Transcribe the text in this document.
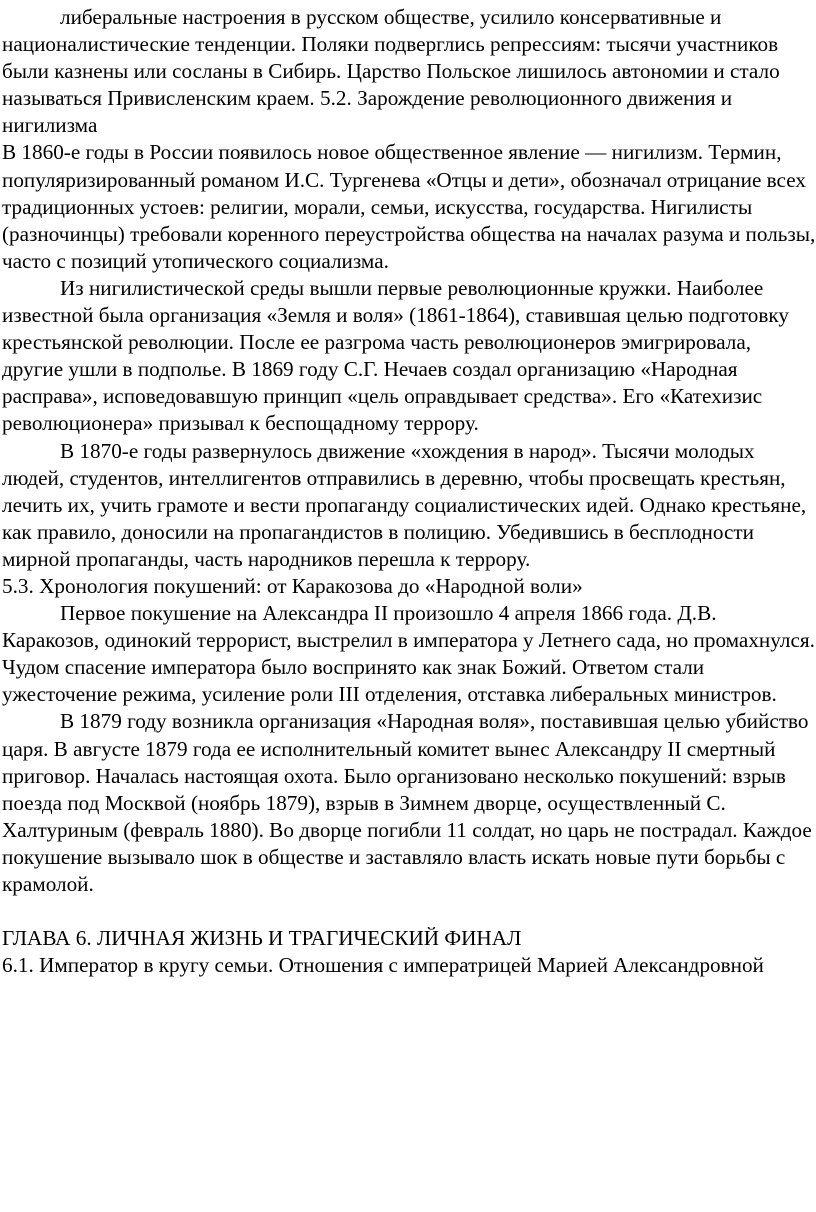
либеральные настроения в русском обществе, усилило консервативные и националистические тенденции. Поляки подверглись репрессиям: тысячи участников были казнены или сосланы в Сибирь. Царство Польское лишилось автономии и стало называться Привисленским краем. 5.2. Зарождение революционного движения и нигилизма

В 1860-е годы в России появилось новое общественное явление — нигилизм. Термин, популяризированный романом И.С. Тургенева «Отцы и дети», обозначал отрицание всех традиционных устоев: религии, морали, семьи, искусства, государства. Нигилисты (разночинцы) требовали коренного переустройства общества на началах разума и пользы, часто с позиций утопического социализма.

Из нигилистической среды вышли первые революционные кружки. Наиболее известной была организация «Земля и воля» (1861-1864), ставившая целью подготовку крестьянской революции. После ее разгрома часть революционеров эмигрировала, другие ушли в подполье. В 1869 году С.Г. Нечаев создал организацию «Народная расправа», исповедовавшую принцип «цель оправдывает средства». Его «Катехизис революционера» призывал к беспощадному террору.

В 1870-е годы развернулось движение «хождения в народ». Тысячи молодых людей, студентов, интеллигентов отправились в деревню, чтобы просвещать крестьян, лечить их, учить грамоте и вести пропаганду социалистических идей. Однако крестьяне, как правило, доносили на пропагандистов в полицию. Убедившись в бесплодности мирной пропаганды, часть народников перешла к террору.

5.3. Хронология покушений: от Каракозова до «Народной воли»

Первое покушение на Александра II произошло 4 апреля 1866 года. Д.В. Каракозов, одинокий террорист, выстрелил в императора у Летнего сада, но промахнулся. Чудом спасение императора было воспринято как знак Божий. Ответом стали ужесточение режима, усиление роли III отделения, отставка либеральных министров.

В 1879 году возникла организация «Народная воля», поставившая целью убийство царя. В августе 1879 года ее исполнительный комитет вынес Александру II смертный приговор. Началась настоящая охота. Было организовано несколько покушений: взрыв поезда под Москвой (ноябрь 1879), взрыв в Зимнем дворце, осуществленный С. Халтуриным (февраль 1880). Во дворце погибли 11 солдат, но царь не пострадал. Каждое покушение вызывало шок в обществе и заставляло власть искать новые пути борьбы с крамолой.

ГЛАВА 6. ЛИЧНАЯ ЖИЗНЬ И ТРАГИЧЕСКИЙ ФИНАЛ

6.1. Император в кругу семьи. Отношения с императрицей Марией Александровной
